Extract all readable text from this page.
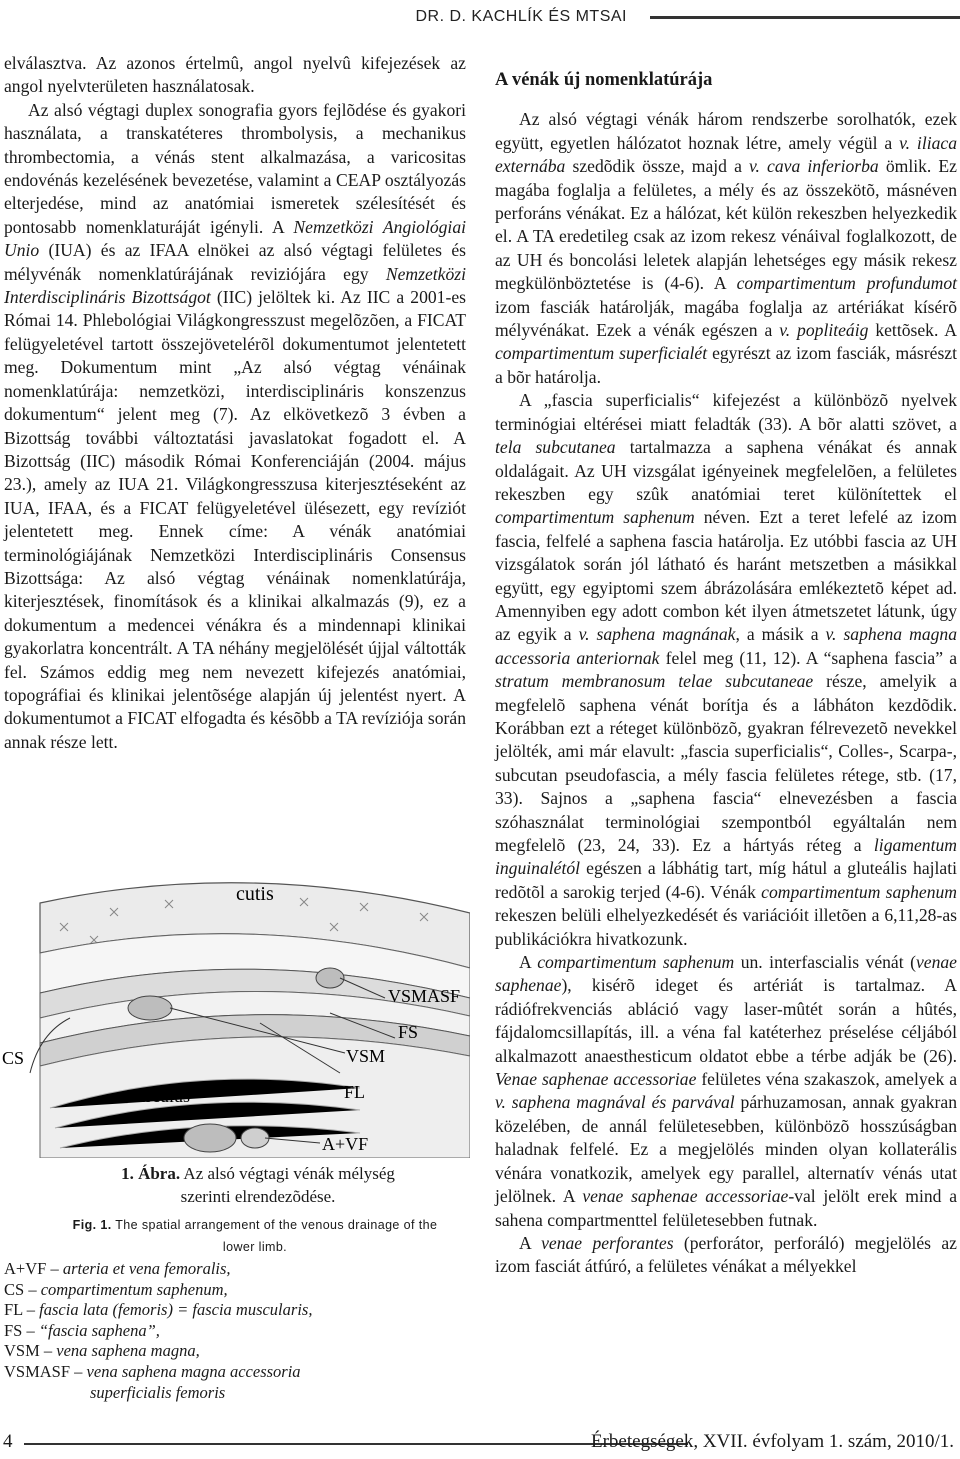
DR. D. KACHLÍK ÉS MTSAI

elválasztva. Az azonos értelmû, angol nyelvû kifejezések az angol nyelvterületen használatosak.

Az alsó végtagi duplex sonografia gyors fejlõdése és gyakori használata, a transkatéteres thrombolysis, a mechanikus thrombectomia, a vénás stent alkalmazása, a varicositas endovénás kezelésének bevezetése, valamint a CEAP osztályozás elterjedése, mind az anatómiai ismeretek szélesítését és pontosabb nomenklaturáját igényli. A Nemzetközi Angiológiai Unio (IUA) és az IFAA elnökei az alsó végtagi felületes és mélyvénák nomenklatúrájának reviziójára egy Nemzetközi Interdisciplináris Bizottságot (IIC) jelöltek ki. Az IIC a 2001-es Római 14. Phlebológiai Világkongresszust megelõzõen, a FICAT felügyeletével tartott összejövetelérõl dokumentumot jelentetett meg. Dokumentum mint „Az alsó végtag vénáinak nomenklatúrája: nemzetközi, interdisciplináris konszenzus dokumentum“ jelent meg (7). Az elkövetkezõ 3 évben a Bizottság további változtatási javaslatokat fogadott el. A Bizottság (IIC) második Római Konferenciáján (2004. május 23.), amely az IUA 21. Világkongresszusa kiterjesztéseként az IUA, IFAA, és a FICAT felügyeletével ülésezett, egy revíziót jelentetett meg. Ennek címe: A vénák anatómiai terminológiájának Nemzetközi Interdisciplináris Consensus Bizottsága: Az alsó végtag vénáinak nomenklatúrája, kiterjesztések, finomítások és a klinikai alkalmazás (9), ez a dokumentum a medencei vénákra és a mindennapi klinikai gyakorlatra koncentrált. A TA néhány megjelölését újjal váltották fel. Számos eddig meg nem nevezett kifejezés anatómiai, topográfiai és klinikai jelentõsége alapján új jelentést nyert. A dokumentumot a FICAT elfogadta és késõbb a TA revíziója során annak része lett.

cutis
VSMASF
FS
CS	VSM
musculus	FL
A+VF
1. Ábra. Az alsó végtagi vénák mélység szerinti elrendezõdése.
Fig. 1. The spatial arrangement of the venous drainage of the lower limb.
A+VF – arteria et vena femoralis,
CS – compartimentum saphenum,
FL – fascia lata (femoris) = fascia muscularis,
FS – “fascia saphena”,
VSM – vena saphena magna,
VSMASF – vena saphena magna accessoria
superficialis femoris
A vénák új nomenklatúrája

Az alsó végtagi vénák három rendszerbe sorolhatók, ezek együtt, egyetlen hálózatot hoznak létre, amely végül a v. iliaca externába szedõdik össze, majd a v. cava inferiorba ömlik. Ez magába foglalja a felületes, a mély és az összekötõ, másnéven perforáns vénákat. Ez a hálózat, két külön rekeszben helyezkedik el. A TA eredetileg csak az izom rekesz vénáival foglalkozott, de az UH és boncolási leletek alapján lehetséges egy másik rekesz megkülönböztetése is (4-6). A compartimentum profundumot izom fasciák határolják, magába foglalja az artériákat kísérõ mélyvénákat. Ezek a vénák egészen a v. popliteáig kettõsek. A compartimentum superficialét egyrészt az izom fasciák, másrészt a bõr határolja.

A „fascia superficialis“ kifejezést a különbözõ nyelvek terminógiai eltérései miatt feladták (33). A bõr alatti szövet, a tela subcutanea tartalmazza a saphena vénákat és annak oldalágait. Az UH vizsgálat igényeinek megfelelõen, a felületes rekeszben egy szûk anatómiai teret különítettek el compartimentum saphenum néven. Ezt a teret lefelé az izom fascia, felfelé a saphena fascia határolja. Ez utóbbi fascia az UH vizsgálatok során jól látható és haránt metszetben a másikkal együtt, egy egyiptomi szem ábrázolására emlékeztetõ képet ad. Amennyiben egy adott combon két ilyen átmetszetet látunk, úgy az egyik a v. saphena magnának, a másik a v. saphena magna accessoria anteriornak felel meg (11, 12). A “saphena fascia” a stratum membranosum telae subcutaneae része, amelyik a megfelelõ saphena vénát borítja és a lábháton kezdõdik. Korábban ezt a réteget különbözõ, gyakran félrevezetõ nevekkel jelölték, ami már elavult: „fascia superficialis“, Colles-, Scarpa-, subcutan pseudofascia, a mély fascia felületes rétege, stb. (17, 33). Sajnos a „saphena fascia“ elnevezésben a fascia szóhasználat terminológiai szempontból egyáltalán nem megfelelõ (23, 24, 33). Ez a hártyás réteg a ligamentum inguinalétól egészen a lábhátig tart, míg hátul a gluteális hajlati redõtõl a sarokig terjed (4-6). Vénák compartimentum saphenum rekeszen belüli elhelyezkedését és variációit illetõen a 6,11,28-as publikációkra hivatkozunk.

A compartimentum saphenum un. interfascialis vénát (venae saphenae), kisérõ ideget és artériát is tartalmaz. A rádiófrekvenciás abláció vagy laser-mûtét során a hûtés, fájdalomcsillapítás, ill. a véna fal katéterhez préselése céljából alkalmazott anaesthesticum oldatot ebbe a térbe adják be (26). Venae saphenae accessoriae felületes véna szakaszok, amelyek a v. saphena magnával és parvával párhuzamosan, annak gyakran közelében, de annál felületesebben, különbözõ hosszúságban haladnak felfelé. Ez a megjelölés minden olyan kollaterális vénára vonatkozik, amelyek egy parallel, alternatív vénás utat jelölnek. A venae saphenae accessoriae-val jelölt erek mind a sahena compartmenttel felületesebben futnak.

A venae perforantes (perforátor, perforáló) megjelölés az izom fasciát átfúró, a felületes vénákat a mélyekkel

4	Érbetegségek, XVII. évfolyam 1. szám, 2010/1.
